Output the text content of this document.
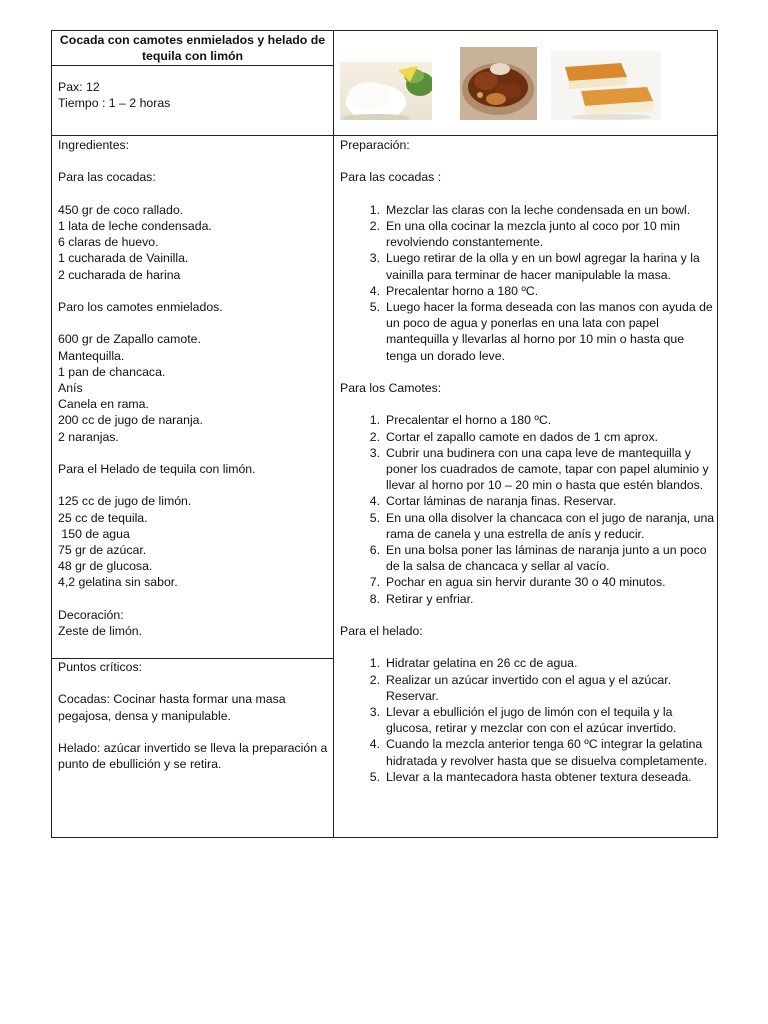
Cocada con camotes enmielados y helado de tequila con limón

Pax: 12

Tiempo : 1 – 2 horas

Ingredientes:

Para las cocadas:

450 gr de coco rallado.

1 lata de leche condensada.

6 claras de huevo.

1 cucharada de Vainilla.

2 cucharada de harina

Paro los camotes enmielados.

600 gr de Zapallo camote.

Mantequilla.

1 pan de chancaca.

Anís

Canela en rama.

200 cc de jugo de naranja.

2 naranjas.

Para el Helado de tequila con limón.

125 cc de jugo de limón.

25 cc de tequila.

150 de agua

75 gr de azúcar.

48 gr de glucosa.

4,2 gelatina sin sabor.

Decoración:

Zeste de limón.

Puntos críticos:

Cocadas: Cocinar hasta formar una masa pegajosa, densa y manipulable.

Helado: azúcar invertido se lleva la preparación a punto de ebullición y se retira.

Preparación:

Para las cocadas :

1. Mezclar las claras con la leche condensada en un bowl.
2. En una olla cocinar la mezcla junto al coco por 10 min revolviendo constantemente.
3. Luego retirar de la olla y en un bowl agregar la harina y la vainilla para terminar de hacer manipulable la masa.
4. Precalentar horno a 180 ºC.
5. Luego hacer la forma deseada con las manos con ayuda de un poco de agua y ponerlas en una lata con papel mantequilla y llevarlas al horno por 10 min o hasta que tenga un dorado leve.

Para los Camotes:

1. Precalentar el horno a 180 ºC.
2. Cortar el zapallo camote en dados de 1 cm aprox.
3. Cubrir una budinera con una capa leve de mantequilla y poner los cuadrados de camote, tapar con papel aluminio y llevar al horno por 10 – 20 min o hasta que estén blandos.
4. Cortar láminas de naranja finas. Reservar.
5. En una olla disolver la chancaca con el jugo de naranja, una rama de canela y una estrella de anís y reducir.
6. En una bolsa poner las láminas de naranja junto a un poco de la salsa de chancaca y sellar al vacío.
7. Pochar en agua sin hervir durante 30 o 40 minutos.
8. Retirar y enfriar.

Para el helado:

1. Hidratar gelatina en 26 cc de agua.
2. Realizar un azúcar invertido con el agua y el azúcar. Reservar.
3. Llevar a ebullición el jugo de limón con el tequila y la glucosa, retirar y mezclar con con el azúcar invertido.
4. Cuando la mezcla anterior tenga 60 ºC integrar la gelatina hidratada y revolver hasta que se disuelva completamente.
5. Llevar a la mantecadora hasta obtener textura deseada.
